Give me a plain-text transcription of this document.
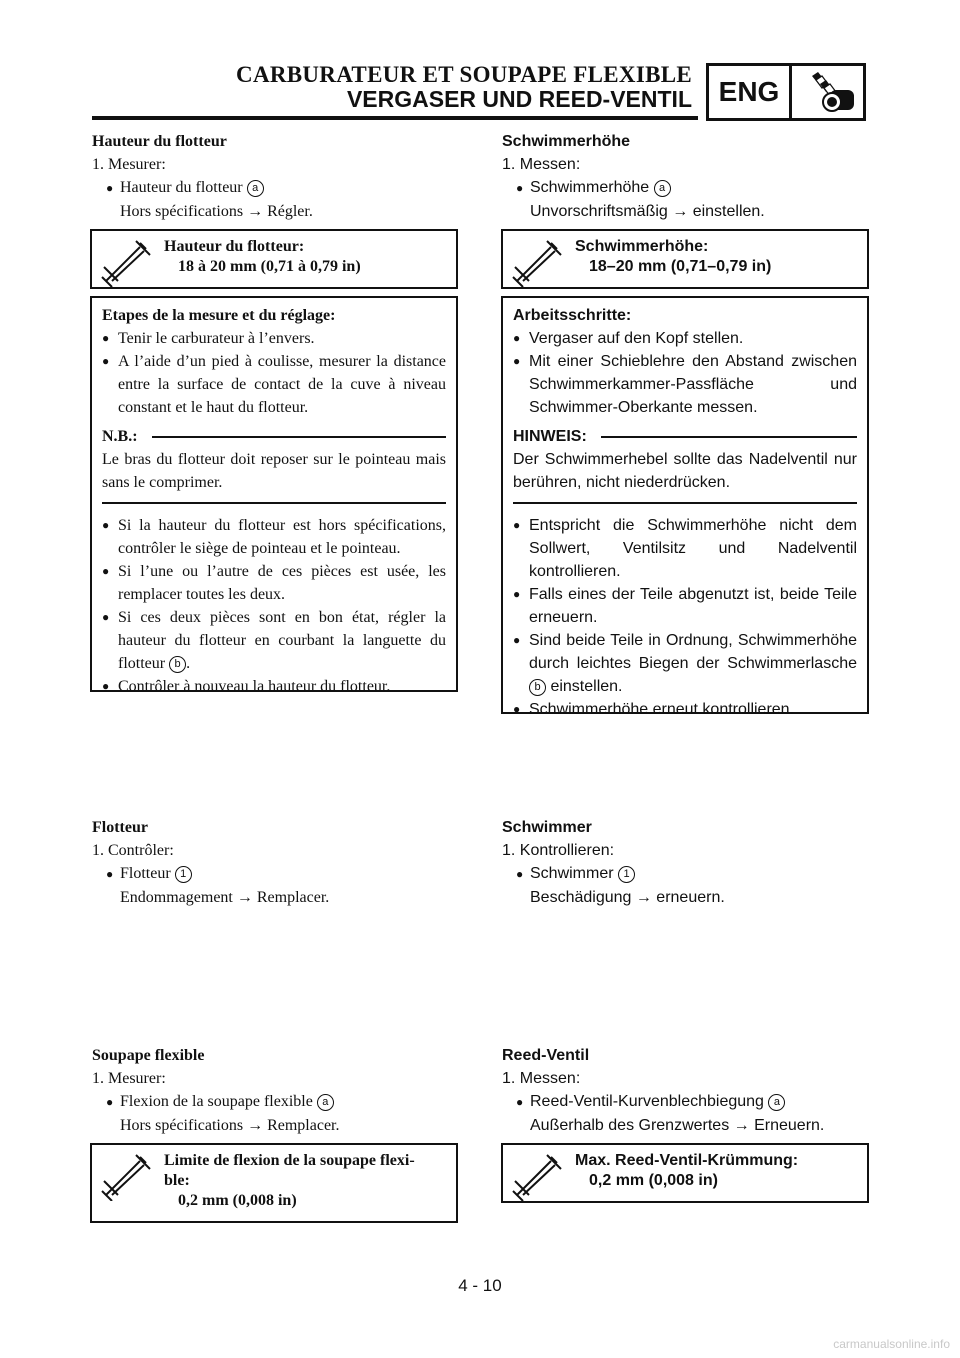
CARBURATEUR ET SOUPAPE FLEXIBLE
VERGASER UND REED-VENTIL ENG
Hauteur du flotteur
1. Mesurer:
● Hauteur du flotteur a
Hors spécifications → Régler.
Hauteur du flotteur:
18 à 20 mm (0,71 à 0,79 in)

Etapes de la mesure et du réglage:

● Tenir le carburateur à l’envers.
● A l’aide d’un pied à coulisse, mesurer la distance entre la surface de contact de la cuve à niveau constant et le haut du flotteur.
N.B.:

Le bras du flotteur doit reposer sur le pointeau mais sans le comprimer.

● Si la hauteur du flotteur est hors spécifications, contrôler le siège de pointeau et le pointeau.
● Si l’une ou l’autre de ces pièces est usée, les remplacer toutes les deux.
● Si ces deux pièces sont en bon état, régler la hauteur du flotteur en courbant la languette du flotteur b .
● Contrôler à nouveau la hauteur du flotteur.
Flotteur
1. Contrôler:
● Flotteur 1
Endommagement → Remplacer.
Soupape flexible
1. Mesurer:
● Flexion de la soupape flexible a
Hors spécifications → Remplacer.
Limite de flexion de la soupape flexi-
ble:
0,2 mm (0,008 in)
Schwimmerhöhe
1. Messen:
● Schwimmerhöhe a
Unvorschriftsmäßig → einstellen.
Schwimmerhöhe:
18–20 mm (0,71–0,79 in)

Arbeitsschritte:

● Vergaser auf den Kopf stellen.
● Mit einer Schieblehre den Abstand zwischen Schwimmerkammer-Passfläche und Schwimmer-Oberkante messen.
HINWEIS:

Der Schwimmerhebel sollte das Nadelventil nur berühren, nicht niederdrücken.

● Entspricht die Schwimmerhöhe nicht dem Sollwert, Ventilsitz und Nadelventil kontrollieren.
● Falls eines der Teile abgenutzt ist, beide Teile erneuern.
● Sind beide Teile in Ordnung, Schwimmerhöhe durch leichtes Biegen der Schwimmerlasche b einstellen.
● Schwimmerhöhe erneut kontrollieren.
Schwimmer
1. Kontrollieren:
● Schwimmer 1
Beschädigung → erneuern.
Reed-Ventil
1. Messen:
● Reed-Ventil-Kurvenblechbiegung a
Außerhalb des Grenzwertes → Erneuern.
Max. Reed-Ventil-Krümmung:
0,2 mm (0,008 in)
4 - 10
carmanualsonline.info
